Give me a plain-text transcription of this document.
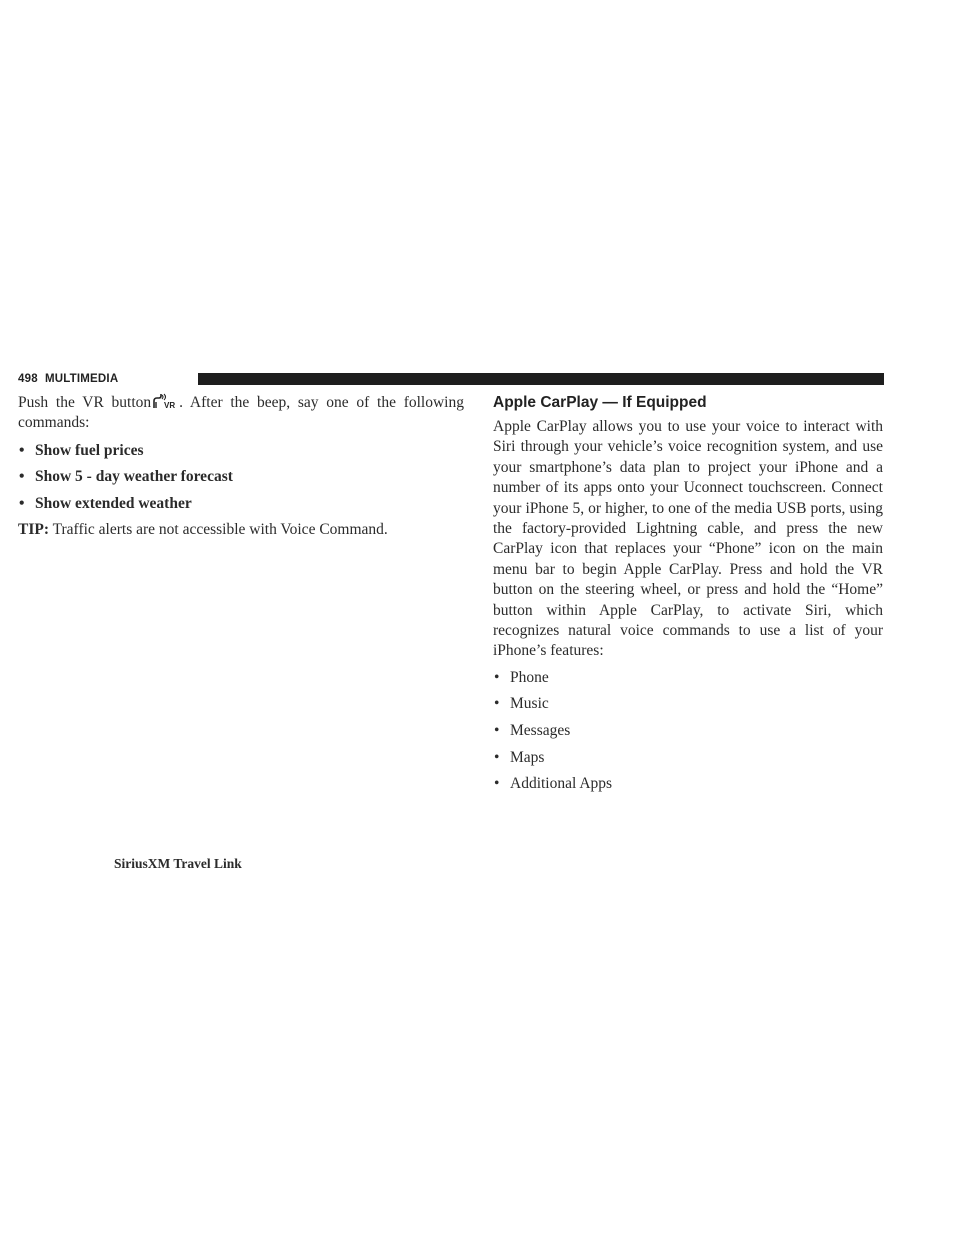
498 MULTIMEDIA

Push the VR button VR . After the beep, say one of the following commands:

• Show fuel prices
• Show 5 - day weather forecast
• Show extended weather

TIP: Traffic alerts are not accessible with Voice Command.

SiriusXM Travel Link
Apple CarPlay — If Equipped

Apple CarPlay allows you to use your voice to interact with Siri through your vehicle’s voice recognition system, and use your smartphone’s data plan to project your iPhone and a number of its apps onto your Uconnect touchscreen. Connect your iPhone 5, or higher, to one of the media USB ports, using the factory-provided Lightning cable, and press the new CarPlay icon that replaces your “Phone” icon on the main menu bar to begin Apple CarPlay. Press and hold the VR button on the steering wheel, or press and hold the “Home” button within Apple CarPlay, to activate Siri, which recognizes natural voice commands to use a list of your iPhone’s features:

• Phone
• Music
• Messages
• Maps
• Additional Apps
